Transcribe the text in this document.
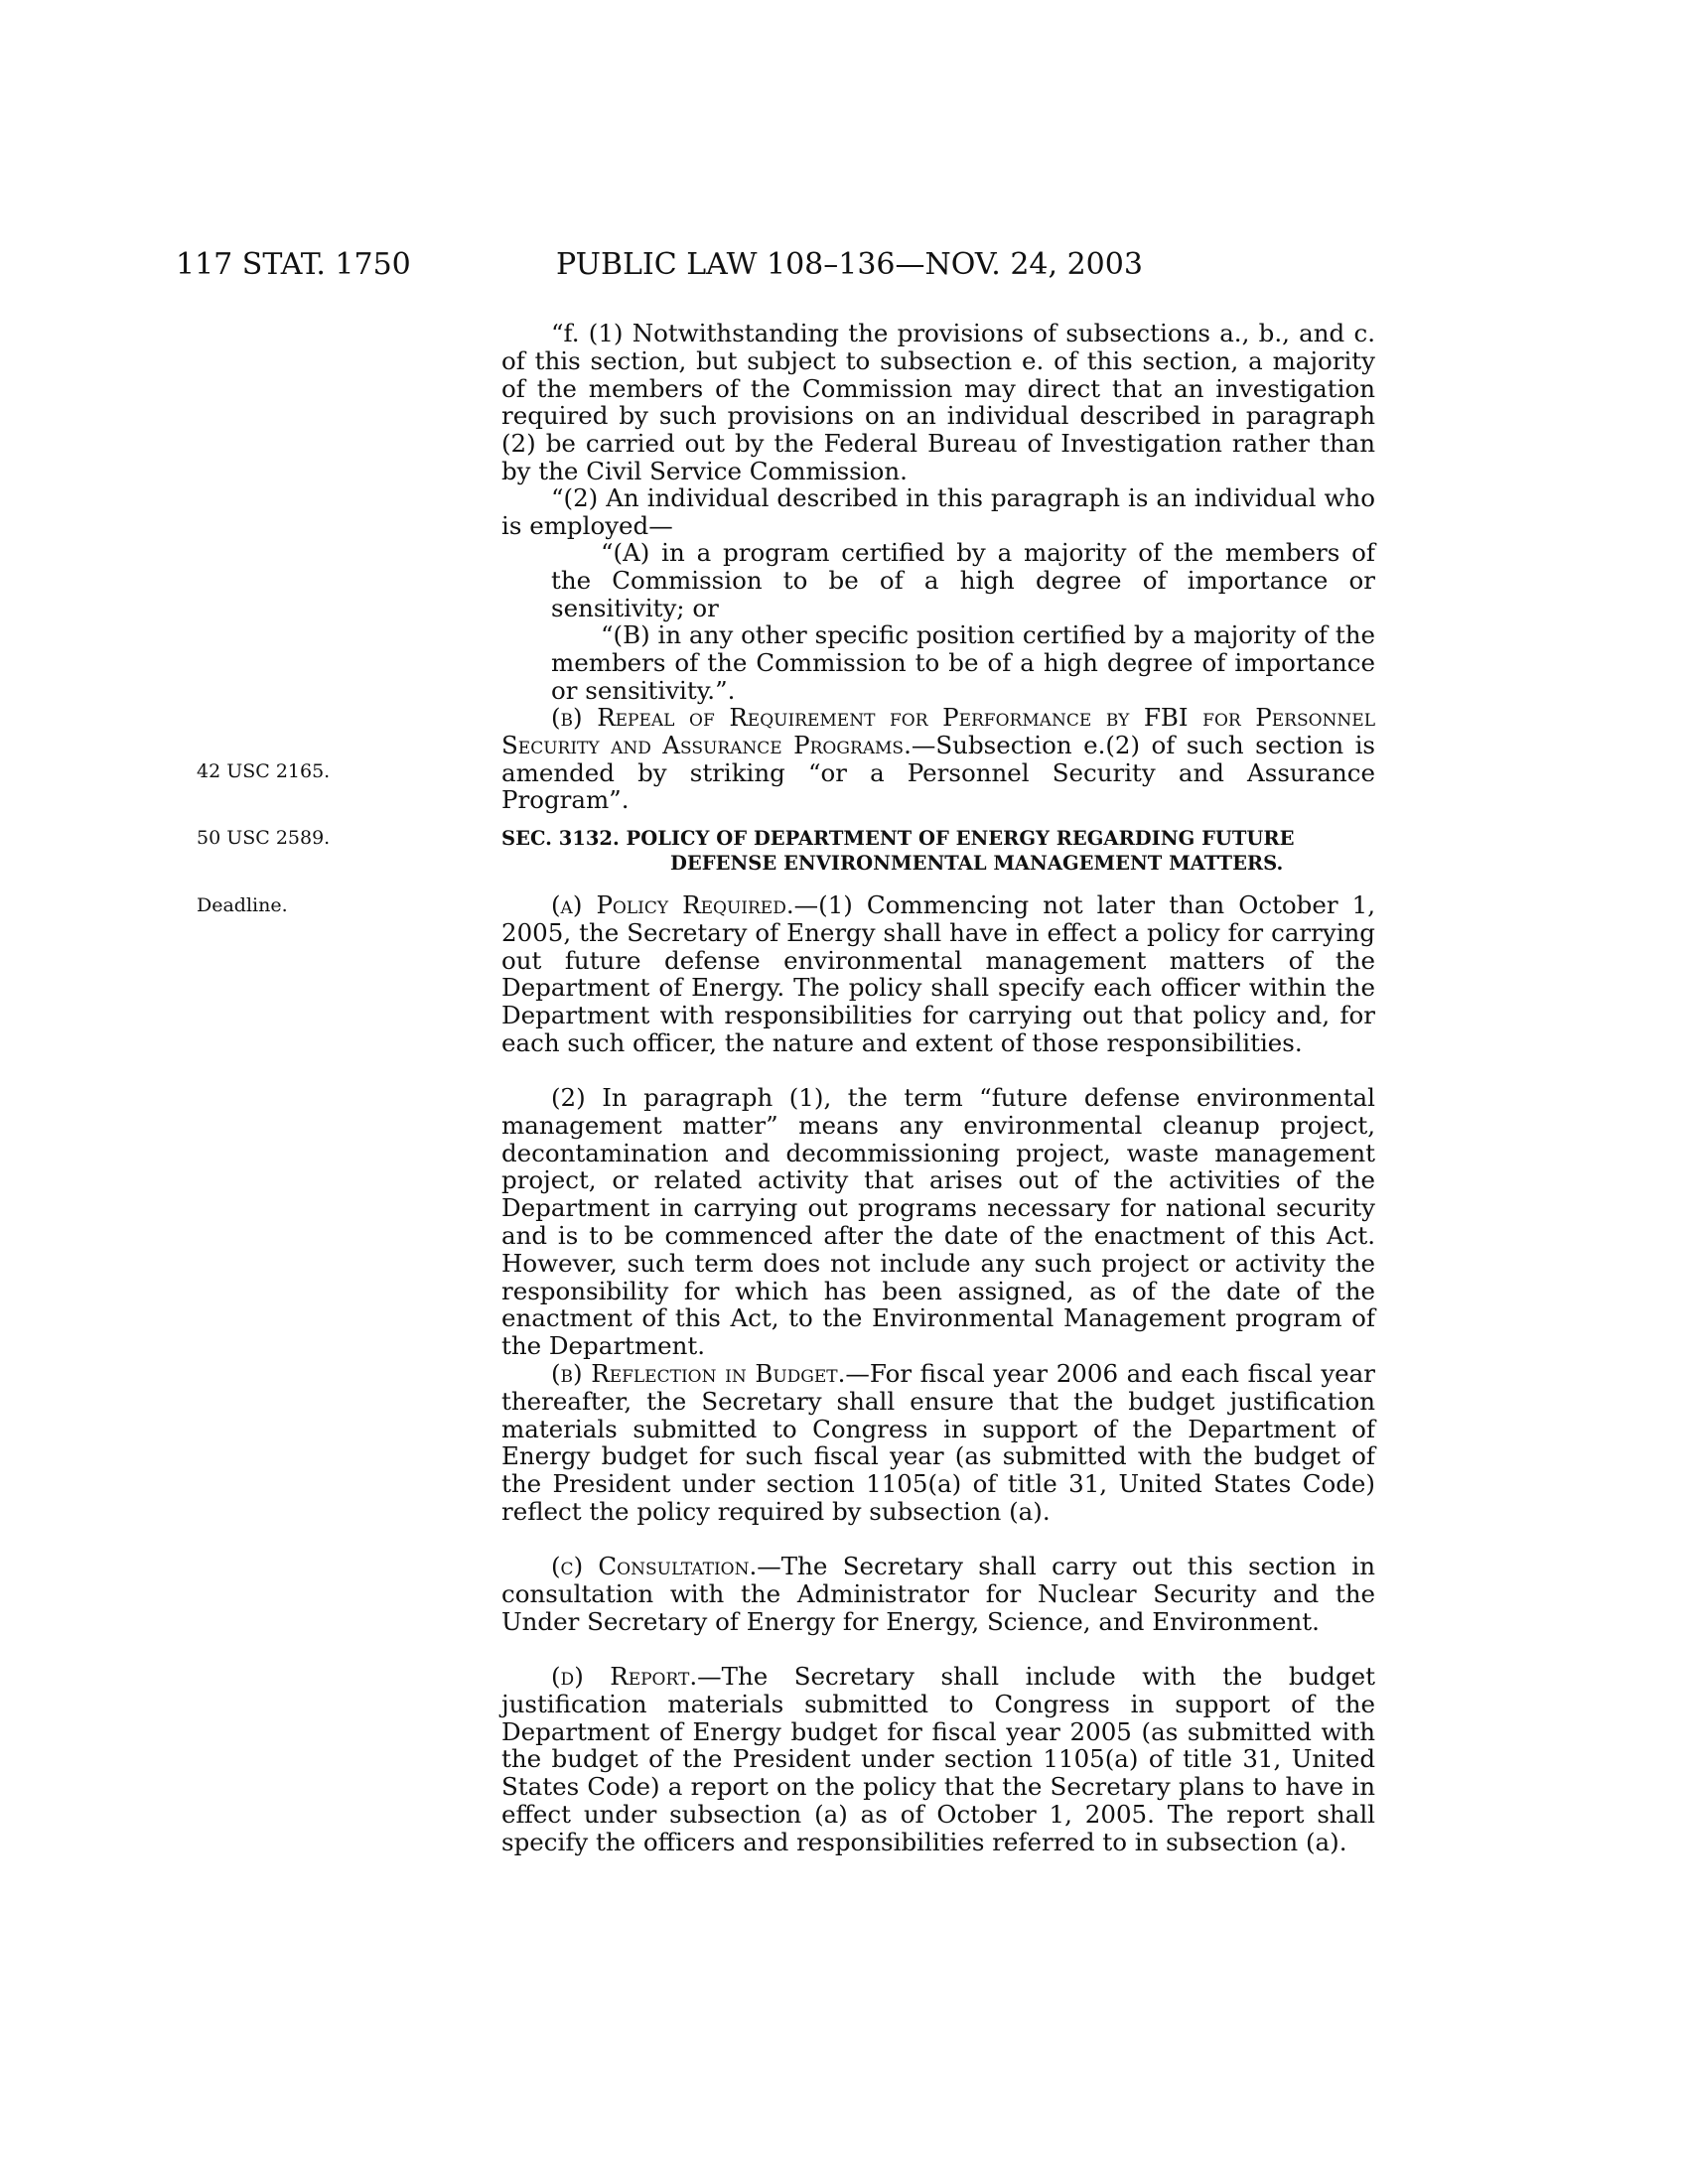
117 STAT. 1750	PUBLIC LAW 108–136—NOV. 24, 2003
42 USC 2165.
50 USC 2589.
Deadline.

“f. (1) Notwithstanding the provisions of subsections a., b., and c. of this section, but subject to subsection e. of this section, a majority of the members of the Commission may direct that an investigation required by such provisions on an individual described in paragraph (2) be carried out by the Federal Bureau of Investigation rather than by the Civil Service Commission.

“(2) An individual described in this paragraph is an individual who is employed—

“(A) in a program certified by a majority of the members of the Commission to be of a high degree of importance or sensitivity; or

“(B) in any other specific position certified by a majority of the members of the Commission to be of a high degree of importance or sensitivity.”.

(b) Repeal of Requirement for Performance by FBI for Personnel Security and Assurance Programs.—Subsection e.(2) of such section is amended by striking “or a Personnel Security and Assurance Program”.

SEC. 3132. POLICY OF DEPARTMENT OF ENERGY REGARDING FUTURE
DEFENSE ENVIRONMENTAL MANAGEMENT MATTERS.

(a) Policy Required.—(1) Commencing not later than October 1, 2005, the Secretary of Energy shall have in effect a policy for carrying out future defense environmental management matters of the Department of Energy. The policy shall specify each officer within the Department with responsibilities for carrying out that policy and, for each such officer, the nature and extent of those responsibilities.

(2) In paragraph (1), the term “future defense environmental management matter” means any environmental cleanup project, decontamination and decommissioning project, waste management project, or related activity that arises out of the activities of the Department in carrying out programs necessary for national security and is to be commenced after the date of the enactment of this Act. However, such term does not include any such project or activity the responsibility for which has been assigned, as of the date of the enactment of this Act, to the Environmental Management program of the Department.

(b) Reflection in Budget.—For fiscal year 2006 and each fiscal year thereafter, the Secretary shall ensure that the budget justification materials submitted to Congress in support of the Department of Energy budget for such fiscal year (as submitted with the budget of the President under section 1105(a) of title 31, United States Code) reflect the policy required by subsection (a).

(c) Consultation.—The Secretary shall carry out this section in consultation with the Administrator for Nuclear Security and the Under Secretary of Energy for Energy, Science, and Environment.

(d) Report.—The Secretary shall include with the budget justification materials submitted to Congress in support of the Department of Energy budget for fiscal year 2005 (as submitted with the budget of the President under section 1105(a) of title 31, United States Code) a report on the policy that the Secretary plans to have in effect under subsection (a) as of October 1, 2005. The report shall specify the officers and responsibilities referred to in subsection (a).
